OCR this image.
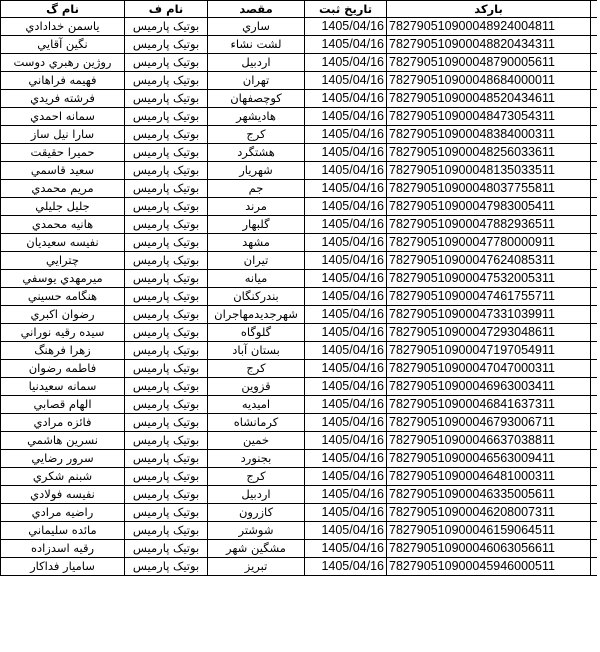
	بارکد	تاریخ ثبت	مقصد	نام ف	نام گ
	782790510900048924004811	1405/04/16	ساري	بوتيک پارميس	ياسمن خدادادي
	782790510900048820434311	1405/04/16	لشت نشاء	بوتيک پارميس	نگين آقايي
	782790510900048790005611	1405/04/16	اردبيل	بوتيک پارميس	روژين رهبري دوست
	782790510900048684000011	1405/04/16	تهران	بوتيک پارميس	فهيمه فراهاني
	782790510900048520434611	1405/04/16	کوچصفهان	بوتيک پارميس	فرشته فريدي
	782790510900048473054311	1405/04/16	هاديشهر	بوتيک پارميس	سمانه احمدي
	782790510900048384000311	1405/04/16	کرج	بوتيک پارميس	سارا نيل ساز
	782790510900048256033611	1405/04/16	هشتگرد	بوتيک پارميس	حميرا حقيقت
	782790510900048135033511	1405/04/16	شهريار	بوتيک پارميس	سعيد قاسمي
	782790510900048037755811	1405/04/16	جم	بوتيک پارميس	مريم محمدي
	782790510900047983005411	1405/04/16	مرند	بوتيک پارميس	جليل جليلي
	782790510900047882936511	1405/04/16	گلبهار	بوتيک پارميس	هانيه محمدي
	782790510900047780000911	1405/04/16	مشهد	بوتيک پارميس	نفيسه سعيديان
	782790510900047624085311	1405/04/16	تيران	بوتيک پارميس	چترايي
	782790510900047532005311	1405/04/16	ميانه	بوتيک پارميس	ميرمهدي يوسفي
	782790510900047461755711	1405/04/16	بندرکنگان	بوتيک پارميس	هنگامه حسيني
	782790510900047331039911	1405/04/16	شهرجديدمهاجران	بوتيک پارميس	رضوان اکبري
	782790510900047293048611	1405/04/16	گلوگاه	بوتيک پارميس	سيده رقيه نوراني
	782790510900047197054911	1405/04/16	بستان آباد	بوتيک پارميس	زهرا فرهنگ
	782790510900047047000311	1405/04/16	کرج	بوتيک پارميس	فاطمه رضوان
	782790510900046963003411	1405/04/16	قزوين	بوتيک پارميس	سمانه سعيدنيا
	782790510900046841637311	1405/04/16	اميديه	بوتيک پارميس	الهام قصابي
	782790510900046793006711	1405/04/16	کرمانشاه	بوتيک پارميس	فائزه مرادي
	782790510900046637038811	1405/04/16	خمين	بوتيک پارميس	نسرين هاشمي
	782790510900046563009411	1405/04/16	بجنورد	بوتيک پارميس	سرور رضايي
	782790510900046481000311	1405/04/16	کرج	بوتيک پارميس	شبنم شکري
	782790510900046335005611	1405/04/16	اردبيل	بوتيک پارميس	نفيسه فولادي
	782790510900046208007311	1405/04/16	کازرون	بوتيک پارميس	راضيه مرادي
	782790510900046159064511	1405/04/16	شوشتر	بوتيک پارميس	مائده سليماني
	782790510900046063056611	1405/04/16	مشگين شهر	بوتيک پارميس	رقيه اسدزاده
	782790510900045946000511	1405/04/16	تبريز	بوتيک پارميس	ساميار فداکار
